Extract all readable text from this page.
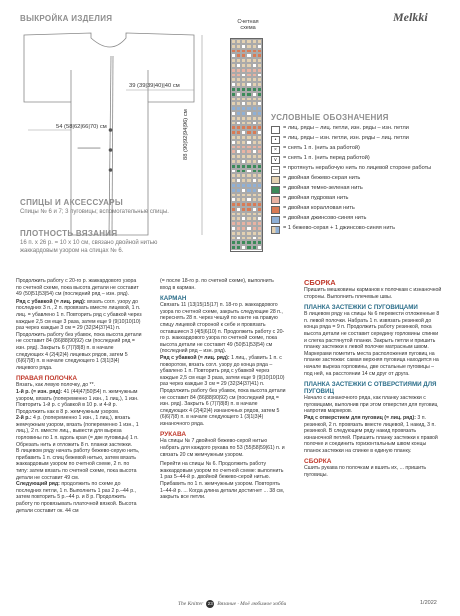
ВЫКРОЙКА ИЗДЕЛИЯ	Melkki
Счетная схема
39 (39|39|40)|40 см
54 (58|62|66|70) см	88 (90|92|94|96) см	УСЛОВНЫЕ ОБОЗНАЧЕНИЯ
= лиц. ряды – лиц. петли, изн. ряды – изн. петли
•	= лиц. ряды – изн. петли, изн. ряды – лиц. петли
×	= снять 1 п. (нить за работой)
∨	= снять 1 п. (нить перед работой)
— = протянуть нерабочую нить по лицевой стороне работы
= двойная бежево-серая нить
= двойная темно-зеленая нить
= двойная пудровая нить
= двойная коралловая нить
= двойная джинсово-синяя нить
= 1 бежево-серая + 1 джинсово-синяя нить
СПИЦЫ И АКСЕССУАРЫ
Спицы № 6 и 7; 3 пуговицы; вспомогательные спицы.
ПЛОТНОСТЬ ВЯЗАНИЯ
16 п. x 26 р. = 10 x 10 см, связано двойной нитью жаккардовым узором на спицах № 6.
Продолжить работу с 20-го р. жаккардового узора по счетной схеме, пока высота детали не составит 49 (50|51|53|54) см (последний ряд – изн. ряд).
Ряд с убавкой (= лиц. ряд): вязать согл. узору до последних 3 п., 2 п. провязать вместе лицевой, 1 п. лиц. = убавлено 1 п. Повторить ряд с убавкой через каждые 2,5 см еще 3 раза, затем еще 9 (9|10|10|10) раз через каждые 3 см = 29 (32|34|37|41) п. Продолжить работу без убавок, пока высота детали не составит 84 (86|88|90|92) см (последний ряд = изн. ряд). Закрыть 6 (7|7|8|8) п. в начале следующих 4 (2|4|2|4) лицевых рядов, затем 5 (6|6|7|8) п. в начале следующего 1 (3|1|3|4) лицевого ряда.
ПРАВАЯ ПОЛОЧКА
Вязать, как левую полочку, до **.
1-й р. (= изн. ряд): 41 (44|47|50|54) п. жемчужным узором, вязать (попеременно 1 изн., 1 лиц.), 1 изн. Повторить 1-й р. с убавкой в 10 р. и 4-й р. Продолжить как в 8 р. жемчужным узором.
2-й р.: 4 р. (попеременно 1 изн., 1 лиц.), вязать жемчужным узором, вязать (попеременно 1 изн., 1 лиц.), 2 п. вместе лиц., вывести для выреза горловины по 1 п. вдоль края (= две пуговицы) 1 п.
Обрезать нить и отложить 8 п. планки застежки.
В лицевом ряду начать работу бежево-серую нить, прибавить 1 п. спиц бежевой нитью, затем вязать жаккардовым узором по счетной схеме, 2 п. по типу: затем вязать по счетной схеме, пока высота детали не составит 49 см.
Следующий ряд: продолжить по схеме до последних петли, 1 п. Выполнить 1 раз 2 р.–44 р., затем повторить 5 р.–44 р. и 8 р. Продолжить работу по провязывать платочной вязкой. Высота детали составит ок. 44 см
(= после 18-го р. по счетной схеме), выполнить вход в карман.
КАРМАН
Связать 11 (13|15|15|17) п. 18-го р. жаккардового узора по счетной схеме, закрыть следующие 28 п., переснять 28 п. через чешуй по канте на правую спицу лицевой стороной к себе и провязать оставшиеся 3 (4|5|6|10) п. Продолжить работу с 20-го р. жаккардового узора по счетной схеме, пока высота детали не составит 49 (50|51|53|54) см (последний ряд – изн. ряд).
Ряд с убавкой (= лиц. ряд): 1 лиц., убавить 1 п. с поворотом, вязать согл. узору до конца ряда – убавлено 1 п. Повторить ряд с убавкой через каждые 2,5 см еще 3 раза, затем еще 9 (9|10|10|10) раз через каждые 3 см = 29 (32|34|37|41) п. Продолжить работу без убавок, пока высота детали не составит 84 (86|88|90|92) см (последний ряд = изн. ряд). Закрыть 6 (7|7|8|8) п. в начале следующих 4 (2|4|2|4) изнаночных рядов, затем 5 (6|6|7|8) п. в начале следующего 1 (3|1|3|4) изнаночного ряда.
РУКАВА
На спицы № 7 двойной бежево-серой нитью набрать для каждого рукава по 53 (55|58|59|61) п. и связать 20 см жемчужным узором.
Перейти на спицы № 6. Продолжить работу жаккардовым узором по счетной схеме: выполнить 1 раз 5–44-й р. двойной бежево-серой нитью. Прибавить по 1 п. жемчужным узором. Повторять 1–44-й р. ... Когда длина детали достигнет ... 38 см, закрыть все петли.
СБОРКА
Пришить мешковины карманов к полочкам с изнаночной стороны. Выполнить плечевые швы.
ПЛАНКА ЗАСТЕЖКИ С ПУГОВИЦАМИ
В лицевом ряду на спицы № 6 перевести отложенные 8 п. левой полочки. Набрать 1 п. извязать резинкой до конца ряда = 9 п. Продолжить работу резинкой, пока высота детали не составит середину горловины спинки и слегка растянутой планки. Закрыть петли и пришить планку застежки к левой полочке матрасным швом. Маркерами пометить места расположения пуговиц на планке застежки: самая верхняя пуговица находится на начале выреза горловины, две остальные пуговицы – под ней, на расстоянии 14 см друг от друга.
ПЛАНКА ЗАСТЕЖКИ С ОТВЕРСТИЯМИ ДЛЯ ПУГОВИЦ
Начало с изнаночного ряда, как планку застежки с пуговицами, выполнив при этом отверстия для пуговиц напротив маркеров.
Ряд с отверстием для пуговиц (= лиц. ряд): 3 п. резинкой, 2 п. провязать вместе лицевой, 1 накид, 3 п. резинкой. В следующем ряду накид провязать изнаночной петлей. Пришить планку застежки к правой полочке и соединить горизонтальным швом концы планок застежки на спинке в единую планку.
СБОРКА
Сшить рукава по полочкам и вшить их, ... пришить пуговицы.
The Knitter 23 Вязание · Моё любимое хобби	1/2022
